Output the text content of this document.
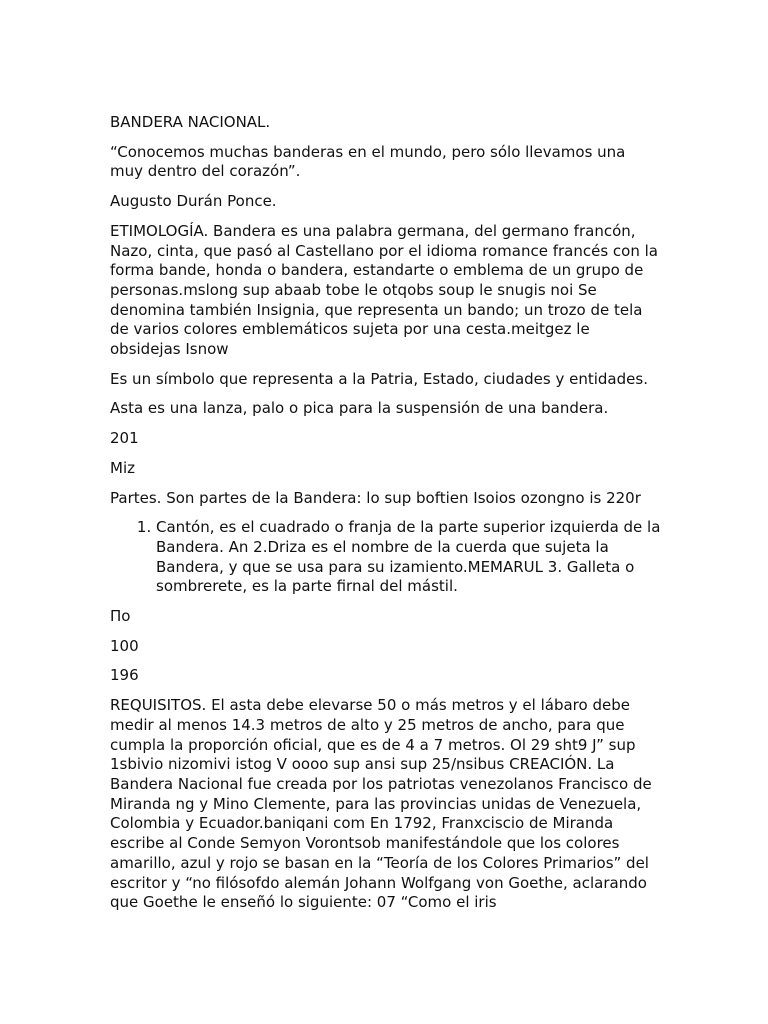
BANDERA NACIONAL.

“Conocemos muchas banderas en el mundo, pero sólo llevamos una muy dentro del corazón”.

Augusto Durán Ponce.

ETIMOLOGÍA. Bandera es una palabra germana, del germano francón, Nazo, cinta, que pasó al Castellano por el idioma romance francés con la forma bande, honda o bandera, estandarte o emblema de un grupo de personas.mslong sup abaab tobe le otqobs soup le snugis noi Se denomina también Insignia, que representa un bando; un trozo de tela de varios colores emblemáticos sujeta por una cesta.meitgez le obsidejas Isnow

Es un símbolo que representa a la Patria, Estado, ciudades y entidades.

Asta es una lanza, palo o pica para la suspensión de una bandera.

201

Miz

Partes. Son partes de la Bandera: lo sup boftien Isoios ozongno is 220r

1. Cantón, es el cuadrado o franja de la parte superior izquierda de la Bandera. An 2.Driza es el nombre de la cuerda que sujeta la Bandera, y que se usa para su izamiento.MEMARUL 3. Galleta o sombrerete, es la parte firnal del mástil.

Πo

100

196

REQUISITOS. El asta debe elevarse 50 o más metros y el lábaro debe medir al menos 14.3 metros de alto y 25 metros de ancho, para que cumpla la proporción oficial, que es de 4 a 7 metros. Ol 29 sht9 J” sup 1sbivio nizomivi istog V oooo sup ansi sup 25/nsibus CREACIÓN. La Bandera Nacional fue creada por los patriotas venezolanos Francisco de Miranda ng y Mino Clemente, para las provincias unidas de Venezuela, Colombia y Ecuador.baniqani com En 1792, Franxciscio de Miranda escribe al Conde Semyon Vorontsob manifestándole que los colores amarillo, azul y rojo se basan en la “Teoría de los Colores Primarios” del escritor y “no filósofdo alemán Johann Wolfgang von Goethe, aclarando que Goethe le enseñó lo siguiente: 07 “Como el iris
